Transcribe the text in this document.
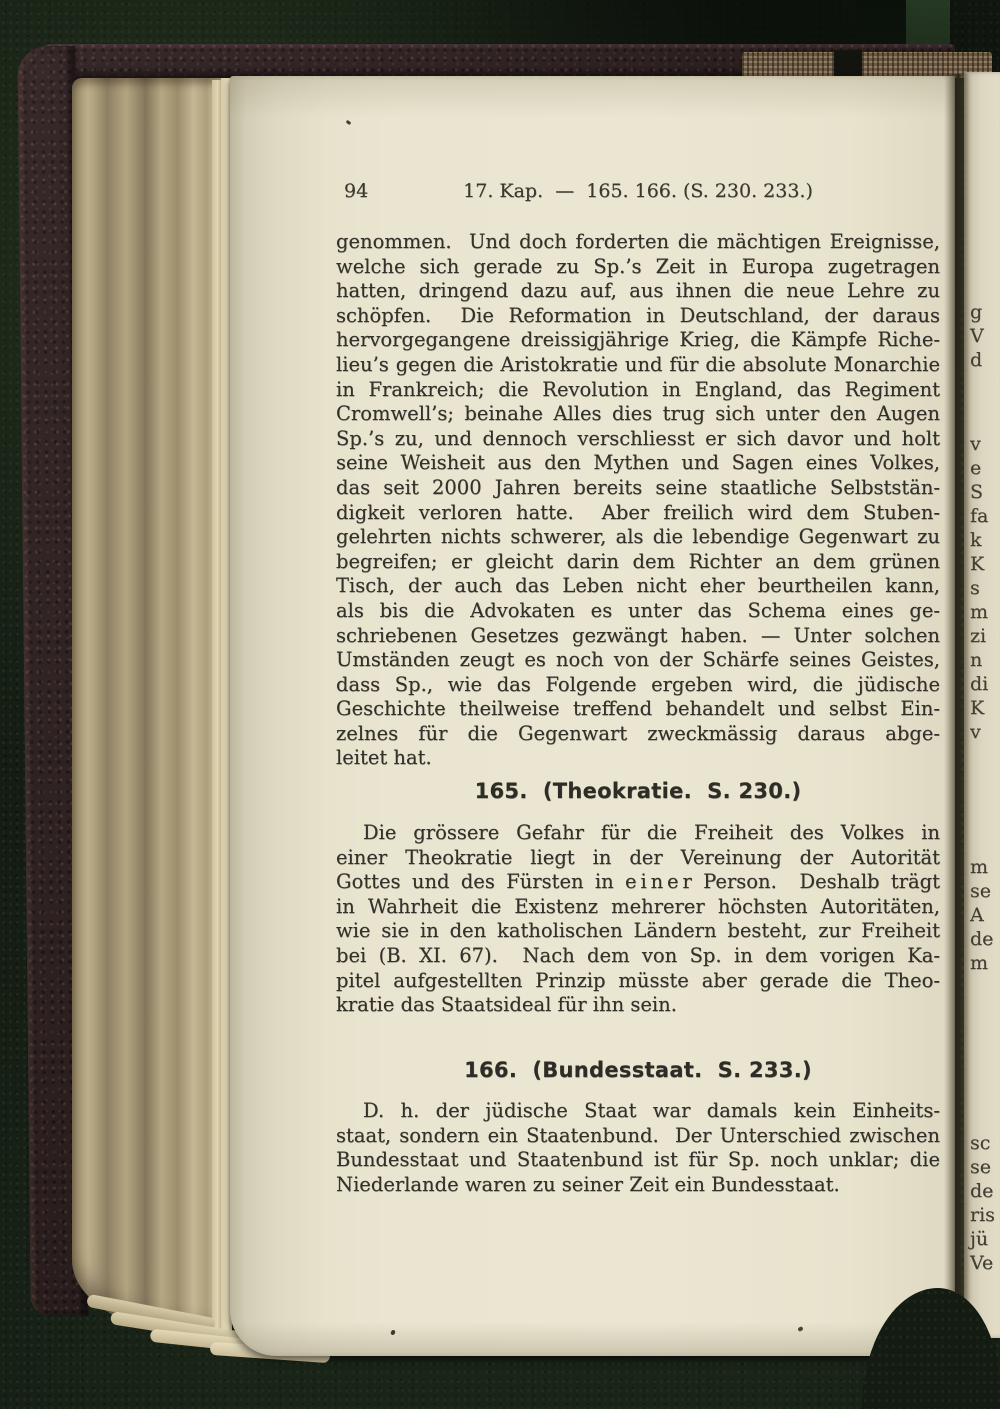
g
V
d
v
e
S
fa
k
K
s
m
zi
n
di
K
v
m
se
A
de
m
sc
se
de
ris
jü
Ve

94

	17. Kap.  —  165. 166. (S. 230. 233.)

genommen.  Und doch forderten die mächtigen Ereignisse,
welche sich gerade zu Sp.’s Zeit in Europa zugetragen
hatten, dringend dazu auf, aus ihnen die neue Lehre zu
schöpfen.  Die Reformation in Deutschland, der daraus
hervorgegangene dreissigjährige Krieg, die Kämpfe Riche-
lieu’s gegen die Aristokratie und für die absolute Monarchie
in Frankreich; die Revolution in England, das Regiment
Cromwell’s; beinahe Alles dies trug sich unter den Augen
Sp.’s zu, und dennoch verschliesst er sich davor und holt
seine Weisheit aus den Mythen und Sagen eines Volkes,
das seit 2000 Jahren bereits seine staatliche Selbststän-
digkeit verloren hatte.  Aber freilich wird dem Stuben-
gelehrten nichts schwerer, als die lebendige Gegenwart zu
begreifen; er gleicht darin dem Richter an dem grünen
Tisch, der auch das Leben nicht eher beurtheilen kann,
als bis die Advokaten es unter das Schema eines ge-
schriebenen Gesetzes gezwängt haben. — Unter solchen
Umständen zeugt es noch von der Schärfe seines Geistes,
dass Sp., wie das Folgende ergeben wird, die jüdische
Geschichte theilweise treffend behandelt und selbst Ein-
zelnes für die Gegenwart zweckmässig daraus abge-
leitet hat.
165.  (Theokratie.  S. 230.)
Die grössere Gefahr für die Freiheit des Volkes in
einer Theokratie liegt in der Vereinung der Autorität
Gottes und des Fürsten in e i n e r Person.  Deshalb trägt
in Wahrheit die Existenz mehrerer höchsten Autoritäten,
wie sie in den katholischen Ländern besteht, zur Freiheit
bei (B. XI. 67).  Nach dem von Sp. in dem vorigen Ka-
pitel aufgestellten Prinzip müsste aber gerade die Theo-
kratie das Staatsideal für ihn sein.
166.  (Bundesstaat.  S. 233.)
D. h. der jüdische Staat war damals kein Einheits-
staat, sondern ein Staatenbund.  Der Unterschied zwischen
Bundesstaat und Staatenbund ist für Sp. noch unklar; die
Niederlande waren zu seiner Zeit ein Bundesstaat.
